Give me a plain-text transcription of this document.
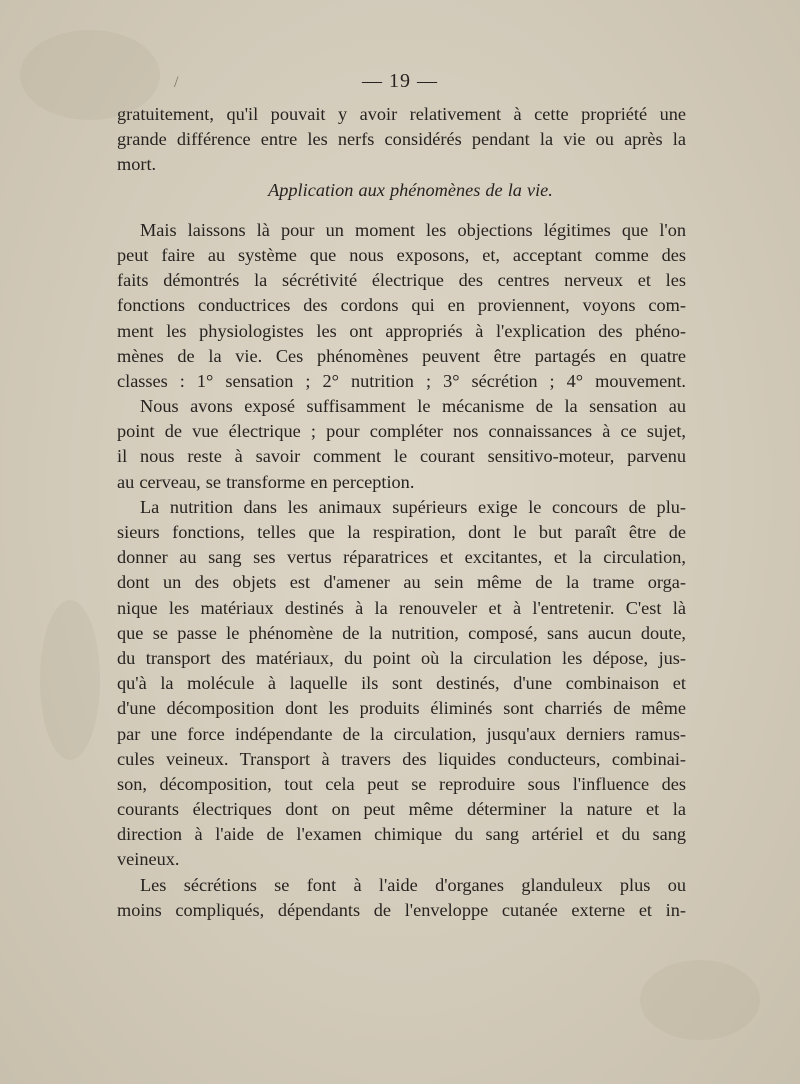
/	— 19 —
gratuitement, qu'il pouvait y avoir relativement à cette propriété une
grande différence entre les nerfs considérés pendant la vie ou après la
mort.
Application aux phénomènes de la vie.
Mais laissons là pour un moment les objections légitimes que l'on
peut faire au système que nous exposons, et, acceptant comme des
faits démontrés la sécrétivité électrique des centres nerveux et les
fonctions conductrices des cordons qui en proviennent, voyons com-
ment les physiologistes les ont appropriés à l'explication des phéno-
mènes de la vie. Ces phénomènes peuvent être partagés en quatre
classes : 1° sensation ; 2° nutrition ; 3° sécrétion ; 4° mouvement.
Nous avons exposé suffisamment le mécanisme de la sensation au
point de vue électrique ; pour compléter nos connaissances à ce sujet,
il nous reste à savoir comment le courant sensitivo-moteur, parvenu
au cerveau, se transforme en perception.
La nutrition dans les animaux supérieurs exige le concours de plu-
sieurs fonctions, telles que la respiration, dont le but paraît être de
donner au sang ses vertus réparatrices et excitantes, et la circulation,
dont un des objets est d'amener au sein même de la trame orga-
nique les matériaux destinés à la renouveler et à l'entretenir. C'est là
que se passe le phénomène de la nutrition, composé, sans aucun doute,
du transport des matériaux, du point où la circulation les dépose, jus-
qu'à la molécule à laquelle ils sont destinés, d'une combinaison et
d'une décomposition dont les produits éliminés sont charriés de même
par une force indépendante de la circulation, jusqu'aux derniers ramus-
cules veineux. Transport à travers des liquides conducteurs, combinai-
son, décomposition, tout cela peut se reproduire sous l'influence des
courants électriques dont on peut même déterminer la nature et la
direction à l'aide de l'examen chimique du sang artériel et du sang
veineux.
Les sécrétions se font à l'aide d'organes glanduleux plus ou
moins compliqués, dépendants de l'enveloppe cutanée externe et in-
